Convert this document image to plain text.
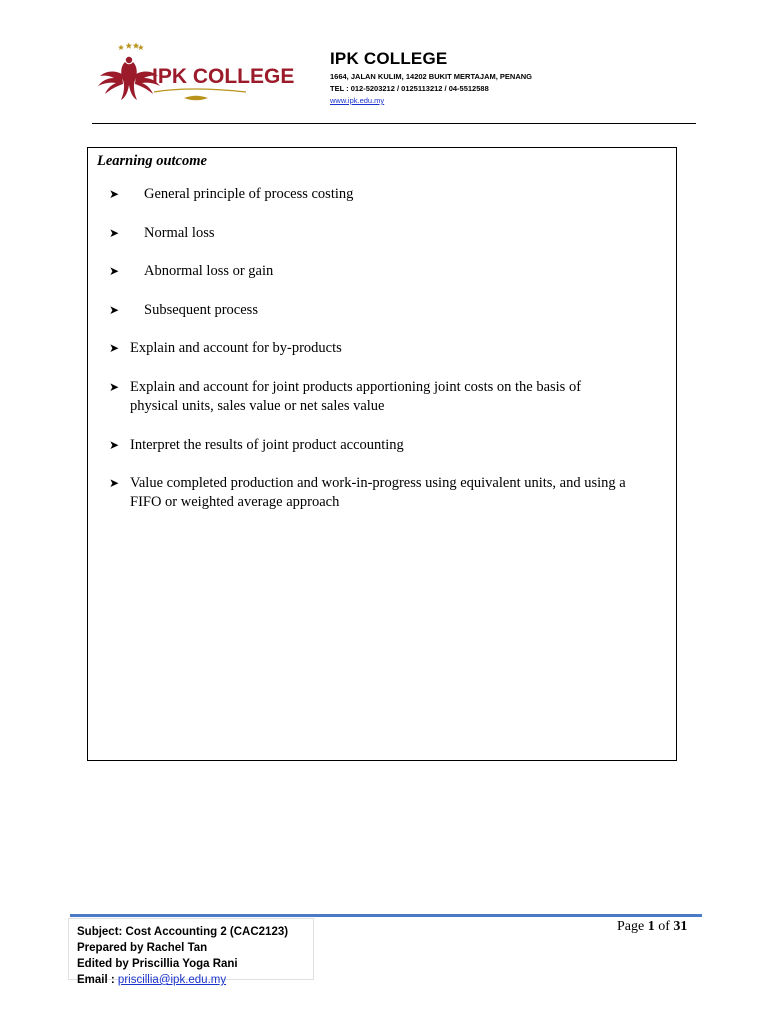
IPK COLLEGE
IPK COLLEGE
1664, JALAN KULIM, 14202 BUKIT MERTAJAM, PENANG
TEL : 012-5203212 / 0125113212 / 04-5512588
www.ipk.edu.my
Learning outcome
➤ General principle of process costing
➤ Normal loss
➤ Abnormal loss or gain
➤ Subsequent process
➤ Explain and account for by-products
➤ Explain and account for joint products apportioning joint costs on the basis of
physical units, sales value or net sales value
➤ Interpret the results of joint product accounting
➤ Value completed production and work-in-progress using equivalent units, and using a
FIFO or weighted average approach
Subject: Cost Accounting 2 (CAC2123)
Prepared by Rachel Tan
Edited by Priscillia Yoga Rani
Email : priscillia@ipk.edu.my
Page 1 of 31
